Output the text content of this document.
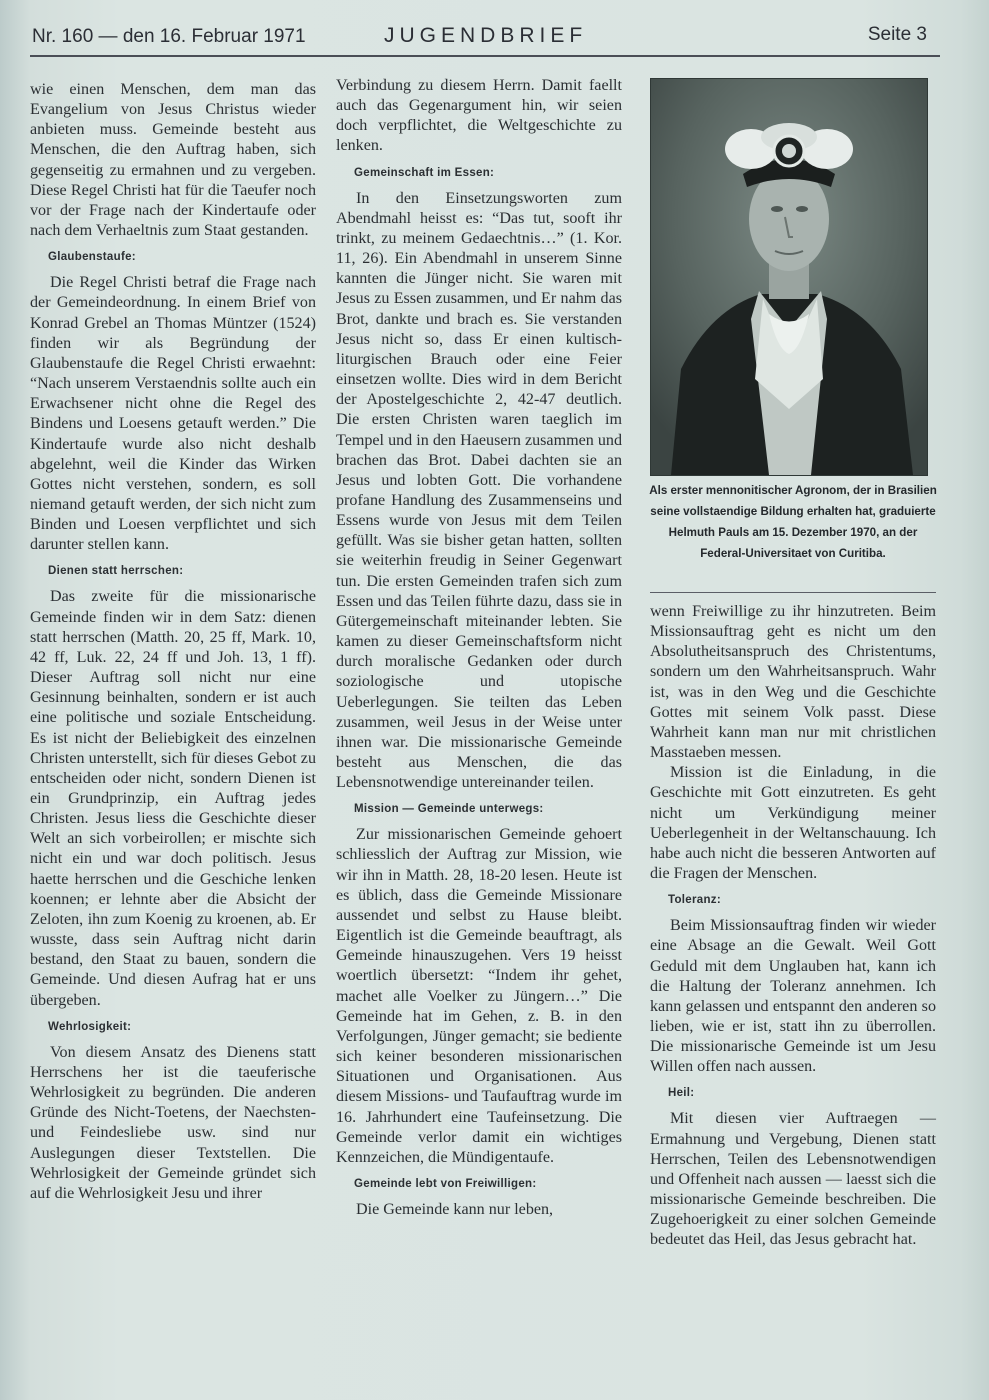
Nr. 160 — den 16. Februar 1971	JUGENDBRIEF	Seite 3

wie einen Menschen, dem man das Evangelium von Jesus Christus wieder anbieten muss. Gemeinde besteht aus Menschen, die den Auftrag haben, sich gegenseitig zu ermahnen und zu vergeben. Diese Regel Christi hat für die Taeufer noch vor der Frage nach der Kindertaufe oder nach dem Verhaeltnis zum Staat gestanden.

Glaubenstaufe:

Die Regel Christi betraf die Frage nach der Gemeindeordnung. In einem Brief von Konrad Grebel an Thomas Müntzer (1524) finden wir als Begründung der Glaubenstaufe die Regel Christi erwaehnt: “Nach unserem Verstaendnis sollte auch ein Erwachsener nicht ohne die Regel des Bindens und Loesens getauft werden.” Die Kindertaufe wurde also nicht deshalb abgelehnt, weil die Kinder das Wirken Gottes nicht verstehen, sondern, es soll niemand getauft werden, der sich nicht zum Binden und Loesen verpflichtet und sich darunter stellen kann.

Dienen statt herrschen:

Das zweite für die missionarische Gemeinde finden wir in dem Satz: dienen statt herrschen (Matth. 20, 25 ff, Mark. 10, 42 ff, Luk. 22, 24 ff und Joh. 13, 1 ff). Dieser Auftrag soll nicht nur eine Gesinnung beinhalten, sondern er ist auch eine politische und soziale Entscheidung. Es ist nicht der Beliebigkeit des einzelnen Christen unterstellt, sich für dieses Gebot zu entscheiden oder nicht, sondern Dienen ist ein Grundprinzip, ein Auftrag jedes Christen. Jesus liess die Geschichte dieser Welt an sich vorbeirollen; er mischte sich nicht ein und war doch politisch. Jesus haette herrschen und die Geschiche lenken koennen; er lehnte aber die Absicht der Zeloten, ihn zum Koenig zu kroenen, ab. Er wusste, dass sein Auftrag nicht darin bestand, den Staat zu bauen, sondern die Gemeinde. Und diesen Aufrag hat er uns übergeben.

Wehrlosigkeit:

Von diesem Ansatz des Dienens statt Herrschens her ist die taeuferische Wehrlosigkeit zu begründen. Die anderen Gründe des Nicht-Toetens, der Naechsten- und Feindesliebe usw. sind nur Auslegungen dieser Textstellen. Die Wehrlosigkeit der Gemeinde gründet sich auf die Wehrlosigkeit Jesu und ihrer

Verbindung zu diesem Herrn. Damit faellt auch das Gegenargument hin, wir seien doch verpflichtet, die Weltgeschichte zu lenken.

Gemeinschaft im Essen:

In den Einsetzungsworten zum Abendmahl heisst es: “Das tut, sooft ihr trinkt, zu meinem Gedaechtnis…” (1. Kor. 11, 26). Ein Abendmahl in unserem Sinne kannten die Jünger nicht. Sie waren mit Jesus zu Essen zusammen, und Er nahm das Brot, dankte und brach es. Sie verstanden Jesus nicht so, dass Er einen kultisch-liturgischen Brauch oder eine Feier einsetzen wollte. Dies wird in dem Bericht der Apostelgeschichte 2, 42-47 deutlich. Die ersten Christen waren taeglich im Tempel und in den Haeusern zusammen und brachen das Brot. Dabei dachten sie an Jesus und lobten Gott. Die vorhandene profane Handlung des Zusammenseins und Essens wurde von Jesus mit dem Teilen gefüllt. Was sie bisher getan hatten, sollten sie weiterhin freudig in Seiner Gegenwart tun. Die ersten Gemeinden trafen sich zum Essen und das Teilen führte dazu, dass sie in Gütergemeinschaft miteinander lebten. Sie kamen zu dieser Gemeinschaftsform nicht durch moralische Gedanken oder durch soziologische und utopische Ueberlegungen. Sie teilten das Leben zusammen, weil Jesus in der Weise unter ihnen war. Die missionarische Gemeinde besteht aus Menschen, die das Lebensnotwendige untereinander teilen.

Mission — Gemeinde unterwegs:

Zur missionarischen Gemeinde gehoert schliesslich der Auftrag zur Mission, wie wir ihn in Matth. 28, 18-20 lesen. Heute ist es üblich, dass die Gemeinde Missionare aussendet und selbst zu Hause bleibt. Eigentlich ist die Gemeinde beauftragt, als Gemeinde hinauszugehen. Vers 19 heisst woertlich übersetzt: “Indem ihr gehet, machet alle Voelker zu Jüngern…” Die Gemeinde hat im Gehen, z. B. in den Verfolgungen, Jünger gemacht; sie bediente sich keiner besonderen missionarischen Situationen und Organisationen. Aus diesem Missions- und Taufauftrag wurde im 16. Jahrhundert eine Taufeinsetzung. Die Gemeinde verlor damit ein wichtiges Kennzeichen, die Mündigentaufe.

Gemeinde lebt von Freiwilligen:

Die Gemeinde kann nur leben,

Als erster mennonitischer Agronom, der in Brasilien seine vollstaendige Bildung erhalten hat, graduierte Helmuth Pauls am 15. Dezember 1970, an der Federal-Universitaet von Curitiba.

wenn Freiwillige zu ihr hinzutreten. Beim Missionsauftrag geht es nicht um den Absolutheitsanspruch des Christentums, sondern um den Wahrheitsanspruch. Wahr ist, was in den Weg und die Geschichte Gottes mit seinem Volk passt. Diese Wahrheit kann man nur mit christlichen Masstaeben messen.

Mission ist die Einladung, in die Geschichte mit Gott einzutreten. Es geht nicht um Verkündigung meiner Ueberlegenheit in der Weltanschauung. Ich habe auch nicht die besseren Antworten auf die Fragen der Menschen.

Toleranz:

Beim Missionsauftrag finden wir wieder eine Absage an die Gewalt. Weil Gott Geduld mit dem Unglauben hat, kann ich die Haltung der Toleranz annehmen. Ich kann gelassen und entspannt den anderen so lieben, wie er ist, statt ihn zu überrollen. Die missionarische Gemeinde ist um Jesu Willen offen nach aussen.

Heil:

Mit diesen vier Auftraegen — Ermahnung und Vergebung, Dienen statt Herrschen, Teilen des Lebensnotwendigen und Offenheit nach aussen — laesst sich die missionarische Gemeinde beschreiben. Die Zugehoerigkeit zu einer solchen Gemeinde bedeutet das Heil, das Jesus gebracht hat.
